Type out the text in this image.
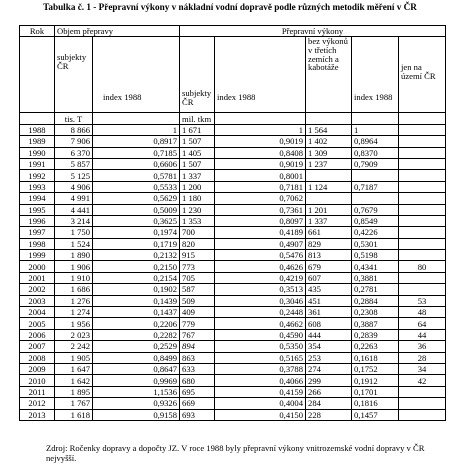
Tabulka č. 1 - Přepravní výkony v nákladní vodní dopravě podle různých metodik měření v ČR
Rok	Objem přepravy		Přepravní výkony				
	subjekty ČR	index 1988	subjekty ČR	index 1988	bez výkonů v třetích zemích a kabotáže	index 1988	jen na území ČR
	tis. T		mil. tkm				
1988	8 866	1	1 671	1	1 564	1	
1989	7 906	0,8917	1 507	0,9019	1 402	0,8964	
1990	6 370	0,7185	1 405	0,8408	1 309	0,8370	
1991	5 857	0,6606	1 507	0,9019	1 237	0,7909	
1992	5 125	0,5781	1 337	0,8001			
1993	4 906	0,5533	1 200	0,7181	1 124	0,7187	
1994	4 991	0,5629	1 180	0,7062			
1995	4 441	0,5009	1 230	0,7361	1 201	0,7679	
1996	3 214	0,3625	1 353	0,8097	1 337	0,8549	
1997	1 750	0,1974	700	0,4189	661	0,4226	
1998	1 524	0,1719	820	0,4907	829	0,5301	
1999	1 890	0,2132	915	0,5476	813	0,5198	
2000	1 906	0,2150	773	0,4626	679	0,4341	80
2001	1 910	0,2154	705	0,4219	607	0,3881	
2002	1 686	0,1902	587	0,3513	435	0,2781	
2003	1 276	0,1439	509	0,3046	451	0,2884	53
2004	1 274	0,1437	409	0,2448	361	0,2308	48
2005	1 956	0,2206	779	0,4662	608	0,3887	64
2006	2 023	0,2282	767	0,4590	444	0,2839	44
2007	2 242	0,2529	894	0,5350	354	0,2263	36
2008	1 905	0,8499	863	0,5165	253	0,1618	28
2009	1 647	0,8647	633	0,3788	274	0,1752	34
2010	1 642	0,9969	680	0,4066	299	0,1912	42
2011	1 895	1,1536	695	0,4159	266	0,1701	
2012	1 767	0,9326	669	0,4004	284	0,1816	
2013	1 618	0,9158	693	0,4150	228	0,1457	
Zdroj: Ročenky dopravy a dopočty JZ. V roce 1988 byly přepravní výkony vnitrozemské vodní dopravy v ČR nejvyšší.
